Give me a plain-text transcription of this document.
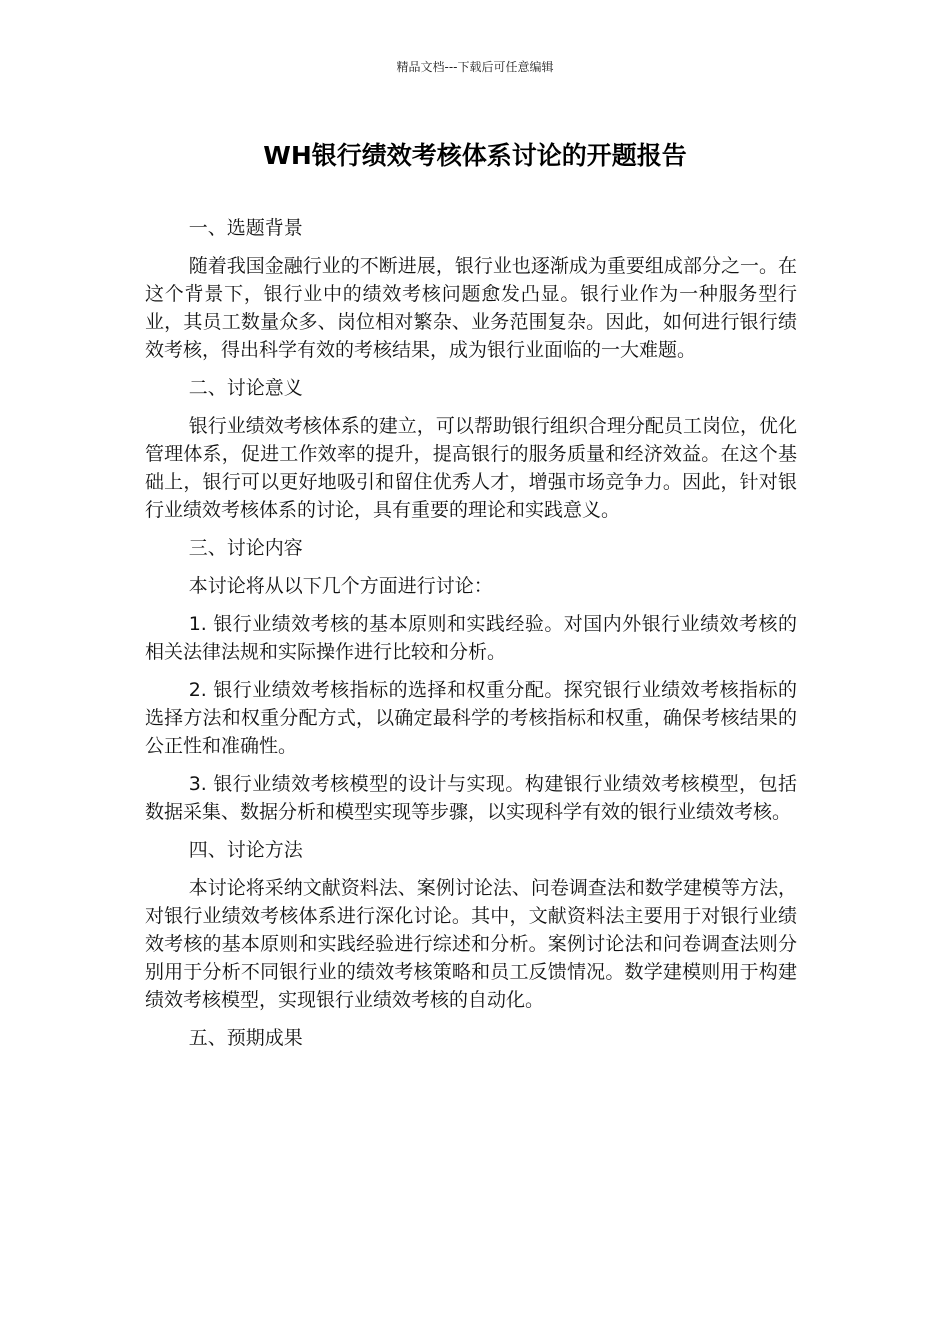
精品文档---下载后可任意编辑
WH银行绩效考核体系讨论的开题报告
一、选题背景

随着我国金融行业的不断进展，银行业也逐渐成为重要组成部分之一。在这个背景下，银行业中的绩效考核问题愈发凸显。银行业作为一种服务型行业，其员工数量众多、岗位相对繁杂、业务范围复杂。因此，如何进行银行绩效考核，得出科学有效的考核结果，成为银行业面临的一大难题。

二、讨论意义

银行业绩效考核体系的建立，可以帮助银行组织合理分配员工岗位，优化管理体系，促进工作效率的提升，提高银行的服务质量和经济效益。在这个基础上，银行可以更好地吸引和留住优秀人才，增强市场竞争力。因此，针对银行业绩效考核体系的讨论，具有重要的理论和实践意义。

三、讨论内容

本讨论将从以下几个方面进行讨论：

1. 银行业绩效考核的基本原则和实践经验。对国内外银行业绩效考核的相关法律法规和实际操作进行比较和分析。

2. 银行业绩效考核指标的选择和权重分配。探究银行业绩效考核指标的选择方法和权重分配方式，以确定最科学的考核指标和权重，确保考核结果的公正性和准确性。

3. 银行业绩效考核模型的设计与实现。构建银行业绩效考核模型，包括数据采集、数据分析和模型实现等步骤，以实现科学有效的银行业绩效考核。

四、讨论方法

本讨论将采纳文献资料法、案例讨论法、问卷调查法和数学建模等方法，对银行业绩效考核体系进行深化讨论。其中，文献资料法主要用于对银行业绩效考核的基本原则和实践经验进行综述和分析。案例讨论法和问卷调查法则分别用于分析不同银行业的绩效考核策略和员工反馈情况。数学建模则用于构建绩效考核模型，实现银行业绩效考核的自动化。

五、预期成果
